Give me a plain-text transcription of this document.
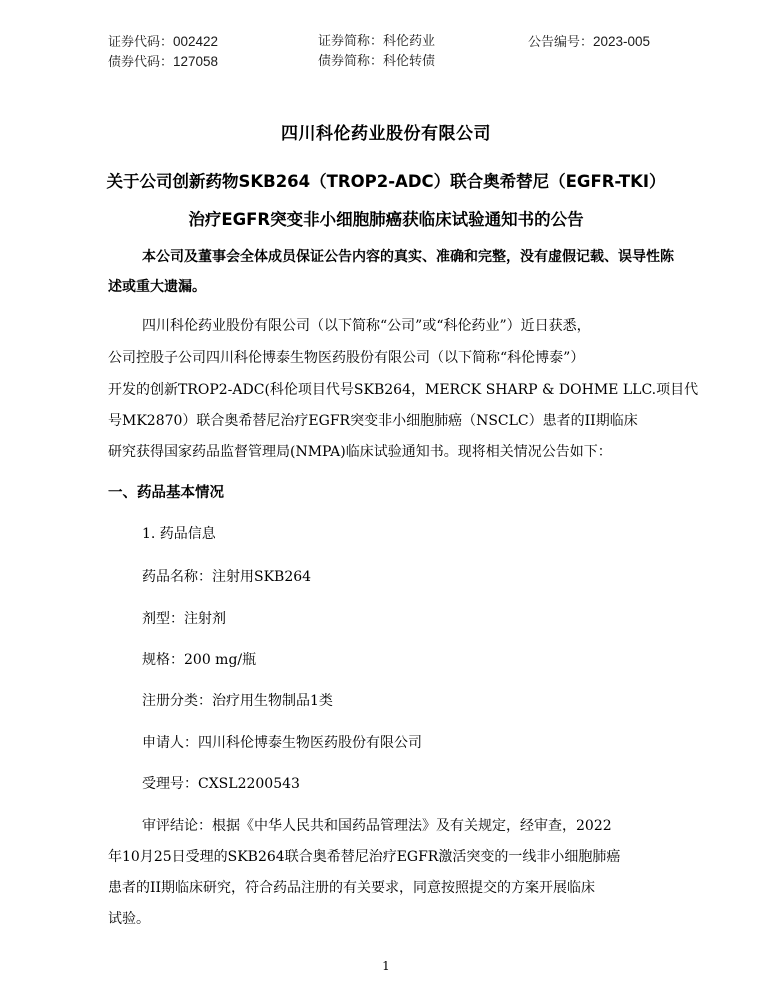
证券代码：002422	证券简称：科伦药业	公告编号：2023-005
债券代码：127058	债券简称：科伦转债
四川科伦药业股份有限公司
关于公司创新药物SKB264（TROP2-ADC）联合奥希替尼（EGFR-TKI）
治疗EGFR突变非小细胞肺癌获临床试验通知书的公告
本公司及董事会全体成员保证公告内容的真实、准确和完整，没有虚假记载、误导性陈
述或重大遗漏。
四川科伦药业股份有限公司（以下简称“公司”或“科伦药业”）近日获悉，
公司控股子公司四川科伦博泰生物医药股份有限公司（以下简称“科伦博泰”）
开发的创新TROP2-ADC(科伦项目代号SKB264，MERCK SHARP & DOHME LLC.项目代
号MK2870）联合奥希替尼治疗EGFR突变非小细胞肺癌（NSCLC）患者的II期临床
研究获得国家药品监督管理局(NMPA)临床试验通知书。现将相关情况公告如下：
一、药品基本情况
1. 药品信息
药品名称：注射用SKB264
剂型：注射剂
规格：200 mg/瓶
注册分类：治疗用生物制品1类
申请人：四川科伦博泰生物医药股份有限公司
受理号：CXSL2200543
审评结论：根据《中华人民共和国药品管理法》及有关规定，经审查，2022
年10月25日受理的SKB264联合奥希替尼治疗EGFR激活突变的一线非小细胞肺癌
患者的II期临床研究，符合药品注册的有关要求，同意按照提交的方案开展临床
试验。
1
